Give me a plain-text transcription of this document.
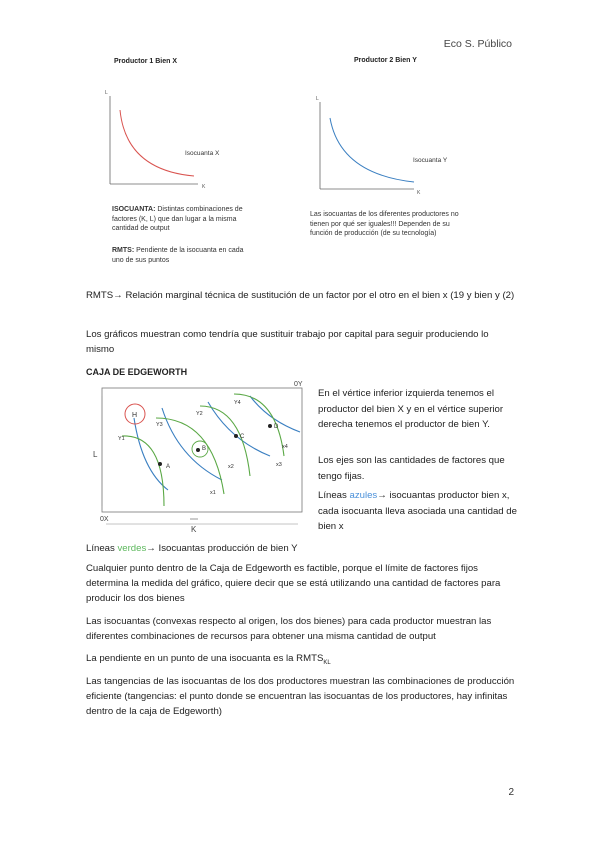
Eco S. Público
Productor 1 Bien X
L
K
Isocuanta X
Productor 2 Bien Y
L
K
Isocuanta Y
ISOCUANTA: Distintas combinaciones de factores (K, L) que dan lugar a la misma cantidad de output
RMTS: Pendiente de la isocuanta en cada uno de sus puntos
Las isocuantas de los diferentes productores no tienen por qué ser iguales!!! Dependen de su función de producción (de su tecnología)
RMTS→ Relación marginal técnica de sustitución de un factor por el otro en el bien x (19 y bien y (2)
Los gráficos muestran como tendría que sustituir trabajo por capital para seguir produciendo lo mismo
CAJA DE EDGEWORTH
0Y
0X
L
K
H
A
B
C
D
x1
x2	x3
x4
Y1
Y3
Y2
Y4
En el vértice inferior izquierda tenemos el productor del bien X y en el vértice superior derecha tenemos el productor de bien Y.
Los ejes son las cantidades de factores que tengo fijas.
Líneas azules→ isocuantas productor bien x, cada isocuanta lleva asociada una cantidad de bien x
Líneas verdes→ Isocuantas producción de bien Y
Cualquier punto dentro de la Caja de Edgeworth es factible, porque el límite de factores fijos determina la medida del gráfico, quiere decir que se está utilizando una cantidad de factores para producir los dos bienes
Las isocuantas (convexas respecto al origen, los dos bienes) para cada productor muestran las diferentes combinaciones de recursos para obtener una misma cantidad de output
La pendiente en un punto de una isocuanta es la $RMTS_{KL}$
Las tangencias de las isocuantas de los dos productores muestran las combinaciones de producción eficiente (tangencias: el punto donde se encuentran las isocuantas de los productores, hay infinitas dentro de la caja de Edgeworth)
2
